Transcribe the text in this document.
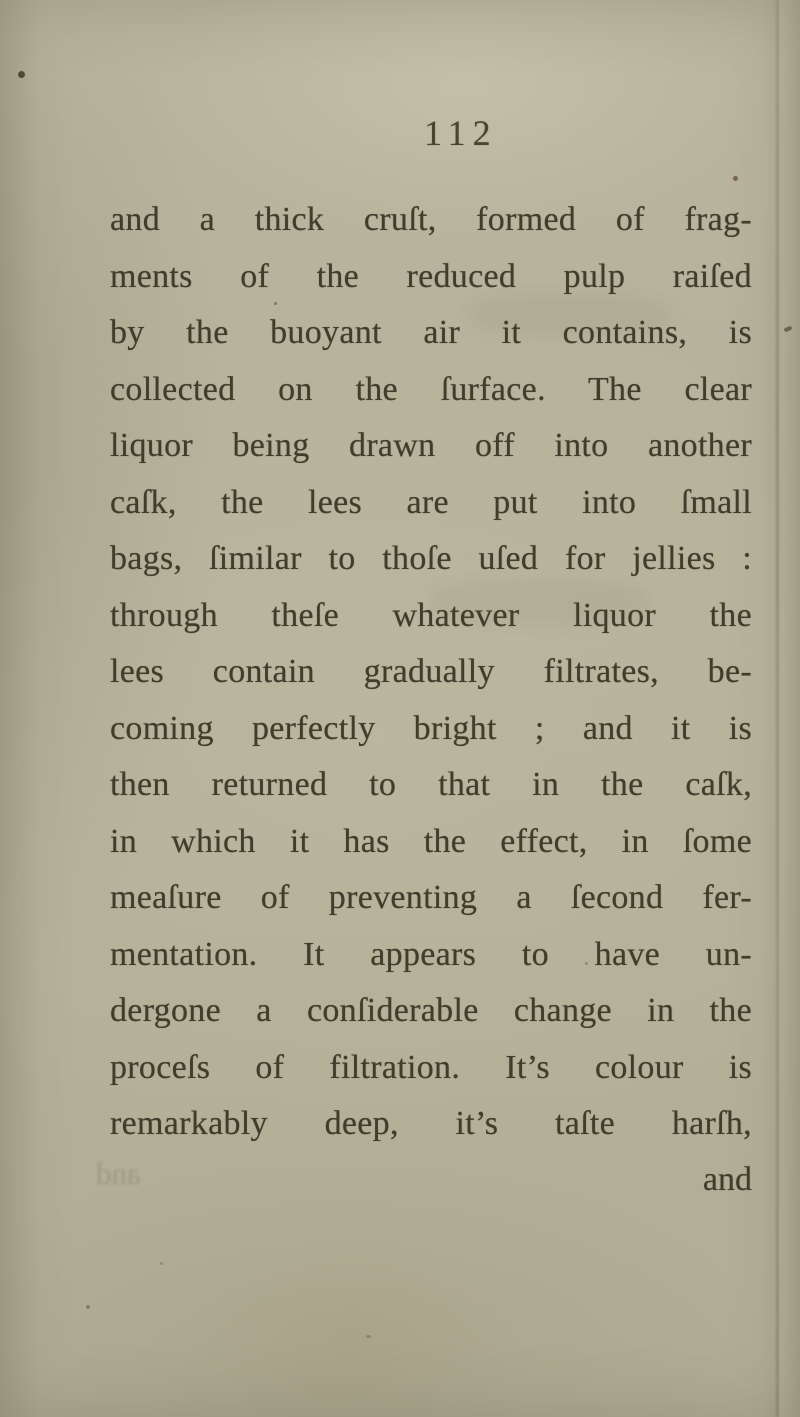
112
and a thick cruſt, formed of frag-
ments of the reduced pulp raiſed
by the buoyant air it contains, is
collected on the ſurface. The clear
liquor being drawn off into another
caſk, the lees are put into ſmall
bags, ſimilar to thoſe uſed for jellies :
through theſe whatever liquor the
lees contain gradually filtrates, be-
coming perfectly bright ; and it is
then returned to that in the caſk,
in which it has the effect, in ſome
meaſure of preventing a ſecond fer-
mentation. It appears to have un-
dergone a conſiderable change in the
proceſs of filtration. It’s colour is
remarkably deep, it’s taſte harſh,
and
and
